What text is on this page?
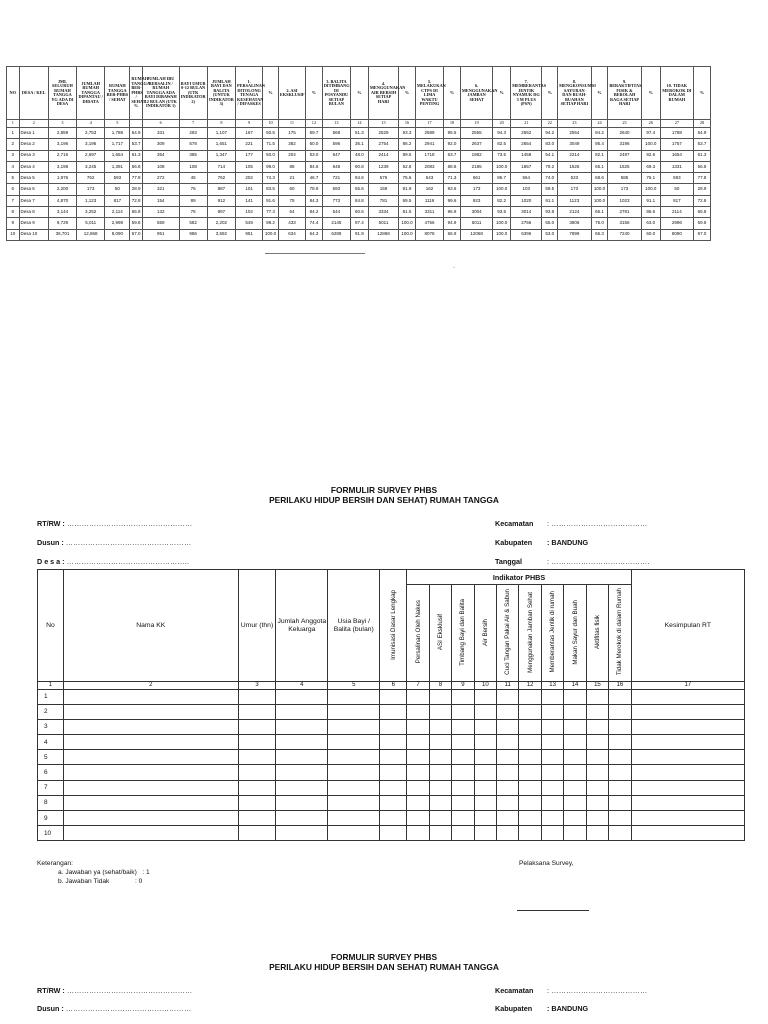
NO	DESA / KEL	JML SELURUH RUMAH TANGGA YG ADA DI DESA	JUMLAH RUMAH TANGGA DIPANTAU / DIDATA	RUMAH TANGGA BER-PHBS / SEHAT	RUMAH TANGGA BER-PHBS / SEHAT %	JUMLAH IBU BERSALIN / RUMAH TANGGA ADA BAYI DIBAWAH 12 BULAN (UTK INDIKATOR 1)	BAYI UMUR 0-12 BULAN (UTK INDIKATOR 2)	JUMLAH BAYI DAN BALITA (UNTUK INDIKATOR 3)	1. PERSALINAN DITOLONG TENAGA KESEHATAN / DIFASKES	%	2. ASI EKSKLUSIF	%	3. BALITA DITIMBANG DI POSYANDU SETIAP BULAN	%	4. MENGGUNAKAN AIR BERSIH SETIAP HARI	%	5. MELAKUKAN CTPS DI LIMA WAKTU PENTING	%	6. MENGGUNAKAN JAMBAN SEHAT	%	7. MEMBERANTAS JENTIK NYAMUK DG 3 M PLUS (PSN)	%	8. MENGKONSUMSI SAYURAN DAN BUAH-BUAHAN SETIAP HARI	%	9. BERAKTIFITAS FISIK & BEROLAH RAGA SETIAP HARI	%	10. TIDAK MEROKOK DI DALAM RUMAH	%
1	2	3	4	5		6	7	8	9	10	11	12	13	14	15	16	17	18	19	20	21	22	23	24	25	26	27	28
1	Desa 1	2,859	2,753	1,788	64.9	331	293	1,107	167	50.5	175	59.7	568	51.3	2529	93.3	2589	95.5	2555	94.3	2552	94.2	2554	94.2	2640	97.4	1788	64.9
2	Desa 2	3,196	3,196	1,717	53.7	309	578	1,651	221	71.5	382	60.0	596	36.1	2754	86.2	2941	92.0	2637	82.5	2654	83.0	3049	95.4	3196	100.0	1757	53.7
3	Desa 3	2,716	2,697	1,654	61.3	354	385	1,347	177	50.0	204	53.0	647	48.0	2414	89.5	1718	63.7	1982	73.5	1458	54.1	2214	82.1	2497	92.6	1654	61.3
4	Desa 4	3,198	3,245	1,391	56.8	108	108	714	105	99.0	88	84.6	648	90.8	1239	52.8	2083	88.8	2185	100.0	1857	79.2	1526	65.1	1625	69.3	1331	56.8
5	Desa 5	1,976	762	593	77.8	272	45	762	202	74.3	21	46.7	721	94.6	576	75.6	543	71.3	661	86.7	564	74.0	523	68.6	585	76.1	593	77.8
6	Desa 6	2,200	173	50	28.9	321	76	887	101	83.5	60	78.9	693	55.6	159	91.9	162	93.6	173	100.0	103	59.5	173	100.0	173	100.0	50	28.9
7	Desa 7	4,870	1,123	817	72.8	154	89	912	141	91.6	75	84.3	773	84.8	781	69.5	1119	99.6	923	82.2	1020	91.1	1123	100.0	1023	91.1	817	72.8
8	Desa 8	3,144	3,252	2,114	65.8	132	76	897	102	77.3	64	84.2	544	60.6	3334	81.5	3311	96.9	3004	93.5	3014	93.8	2124	66.1	2781	86.6	2114	65.8
9	Desa 9	9,729	5,011	2,998	59.8	559	582	2,202	549	98.2	433	74.4	2145	97.4	5011	100.0	4756	94.9	5011	100.0	2756	55.0	3806	76.0	3156	63.0	2996	59.8
10	Desa 10	36,701	12,868	8,090	67.0	951	986	3,592	951	100.0	634	64.3	6288	91.9	12868	100.0	8078	66.9	12068	100.0	6396	53.0	7899	66.3	7240	60.0	8090	67.0
▫
FORMULIR SURVEY PHBS
PERILAKU HIDUP BERSIH DAN SEHAT) RUMAH TANGGA
RT/RW : ……………………………………………
Dusun : ……………………………………………
D e s a : …………………………………………..
Kecamatan : …………………………………
Kabupaten : BANDUNG
Tanggal	: ………………………………….
No	Nama KK	Umur (thn)	Jumlah Anggota Keluarga	Usia Bayi / Balita (bulan)	Imunisasi Dasar Lengkap	Indikator PHBS										Kesimpulan RT
						Persalinan Oleh Nakes	ASI Eksklusif	Timbang Bayi dan Balita	Air Bersih	Cuci Tangan Pakai Air & Sabun	Menggunakan Jamban Sehat	Memberantas Jentik di rumah	Makan Sayur dan Buah	Aktifitas fisik	Tidak Merokok di dalam Rumah	
1	2	3	4	5	6	7	8	9	10	11	12	13	14	15	16	17
1																
2																
3																
4																
5																
6																
7																
8																
9																
10																
Keterangan:
a. Jawaban ya (sehat/baik)   : 1
b. Jawaban Tidak              : 0
Pelaksana Survey,
FORMULIR SURVEY PHBS
PERILAKU HIDUP BERSIH DAN SEHAT) RUMAH TANGGA
RT/RW : ……………………………………………
Dusun : ……………………………………………
Kecamatan : …………………………………
Kabupaten : BANDUNG
